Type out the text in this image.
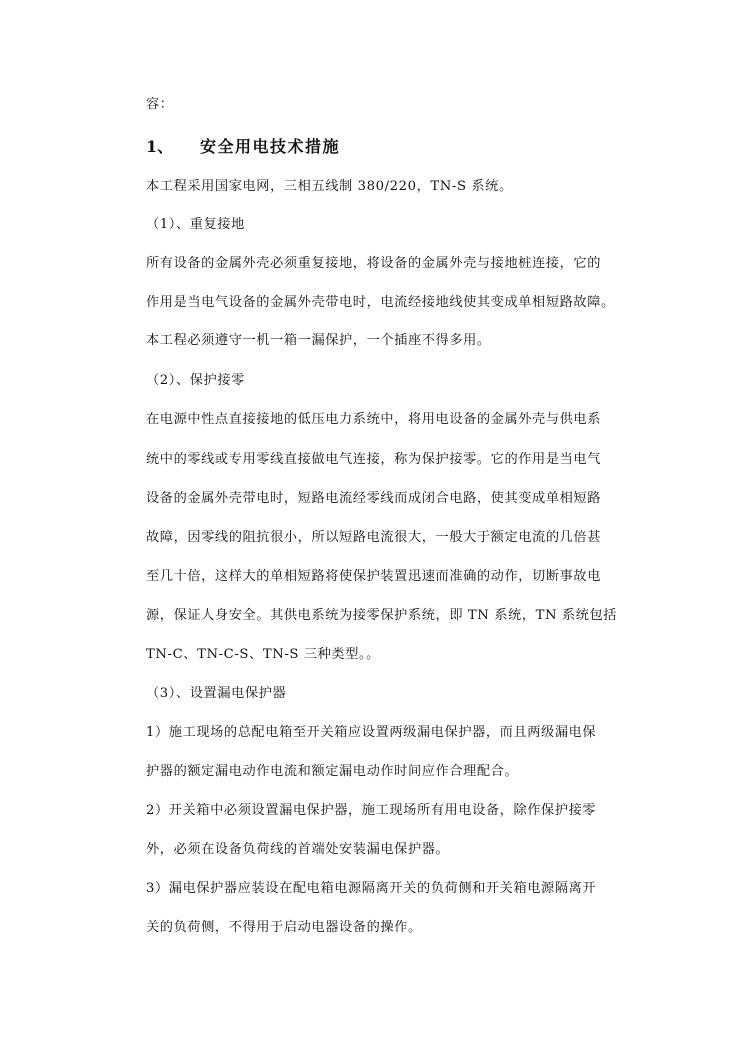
容：
1、 安全用电技术措施
本工程采用国家电网，三相五线制 380/220，TN-S 系统。
（1）、重复接地
所有设备的金属外壳必须重复接地，将设备的金属外壳与接地桩连接，它的
作用是当电气设备的金属外壳带电时，电流经接地线使其变成单相短路故障。
本工程必须遵守一机一箱一漏保护，一个插座不得多用。
（2）、保护接零
在电源中性点直接接地的低压电力系统中，将用电设备的金属外壳与供电系
统中的零线或专用零线直接做电气连接，称为保护接零。它的作用是当电气
设备的金属外壳带电时，短路电流经零线而成闭合电路，使其变成单相短路
故障，因零线的阻抗很小，所以短路电流很大，一般大于额定电流的几倍甚
至几十倍，这样大的单相短路将使保护装置迅速而准确的动作，切断事故电
源，保证人身安全。其供电系统为接零保护系统，即 TN 系统，TN 系统包括
TN-C、TN-C-S、TN-S 三种类型。。
（3）、设置漏电保护器
1）施工现场的总配电箱至开关箱应设置两级漏电保护器，而且两级漏电保
护器的额定漏电动作电流和额定漏电动作时间应作合理配合。
2）开关箱中必须设置漏电保护器，施工现场所有用电设备，除作保护接零
外，必须在设备负荷线的首端处安装漏电保护器。
3）漏电保护器应装设在配电箱电源隔离开关的负荷侧和开关箱电源隔离开
关的负荷侧，不得用于启动电器设备的操作。
